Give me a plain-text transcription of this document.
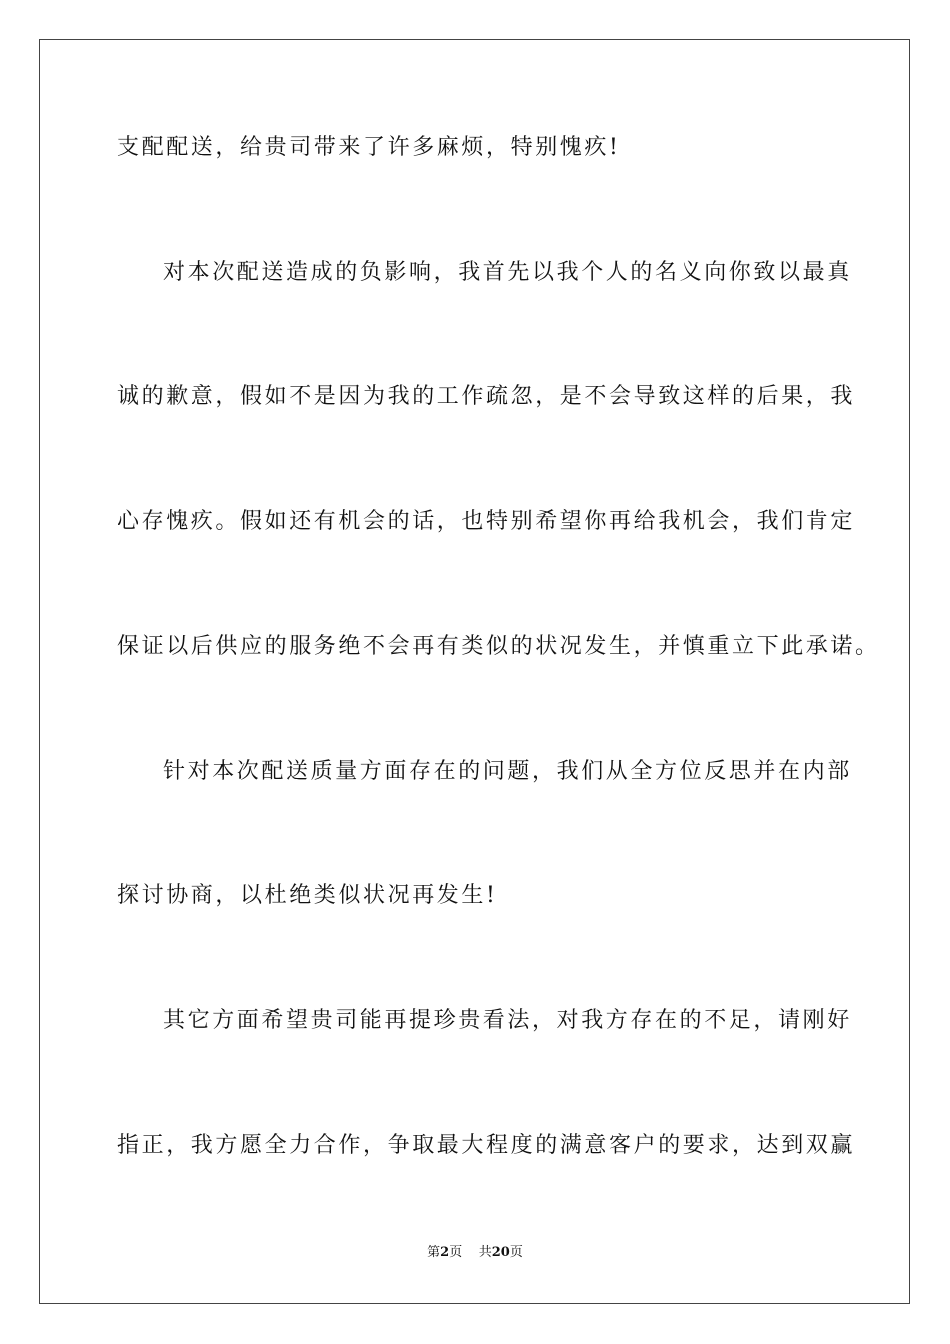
支配配送，给贵司带来了许多麻烦，特别愧疚!
对本次配送造成的负影响，我首先以我个人的名义向你致以最真
诚的歉意，假如不是因为我的工作疏忽，是不会导致这样的后果，我
心存愧疚。假如还有机会的话，也特别希望你再给我机会，我们肯定
保证以后供应的服务绝不会再有类似的状况发生，并慎重立下此承诺。
针对本次配送质量方面存在的问题，我们从全方位反思并在内部
探讨协商，以杜绝类似状况再发生!
其它方面希望贵司能再提珍贵看法，对我方存在的不足，请刚好
指正，我方愿全力合作，争取最大程度的满意客户的要求，达到双赢
第2页 共20页
